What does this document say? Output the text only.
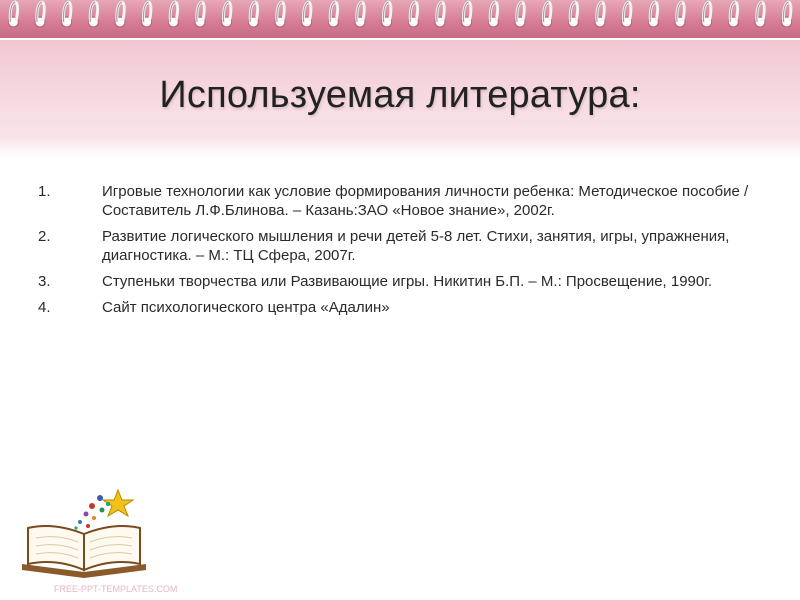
Используемая литература:
1.	Игровые технологии как условие формирования личности ребенка: Методическое пособие /Составитель Л.Ф.Блинова. – Казань:ЗАО «Новое знание», 2002г.
2.	Развитие логического мышления и речи детей 5-8 лет. Стихи, занятия, игры, упражнения, диагностика. – М.: ТЦ Сфера, 2007г.
3.	Ступеньки творчества или Развивающие игры. Никитин Б.П. – М.: Просвещение, 1990г.
4.	Сайт психологического центра «Адалин»
FREE-PPT-TEMPLATES.COM
